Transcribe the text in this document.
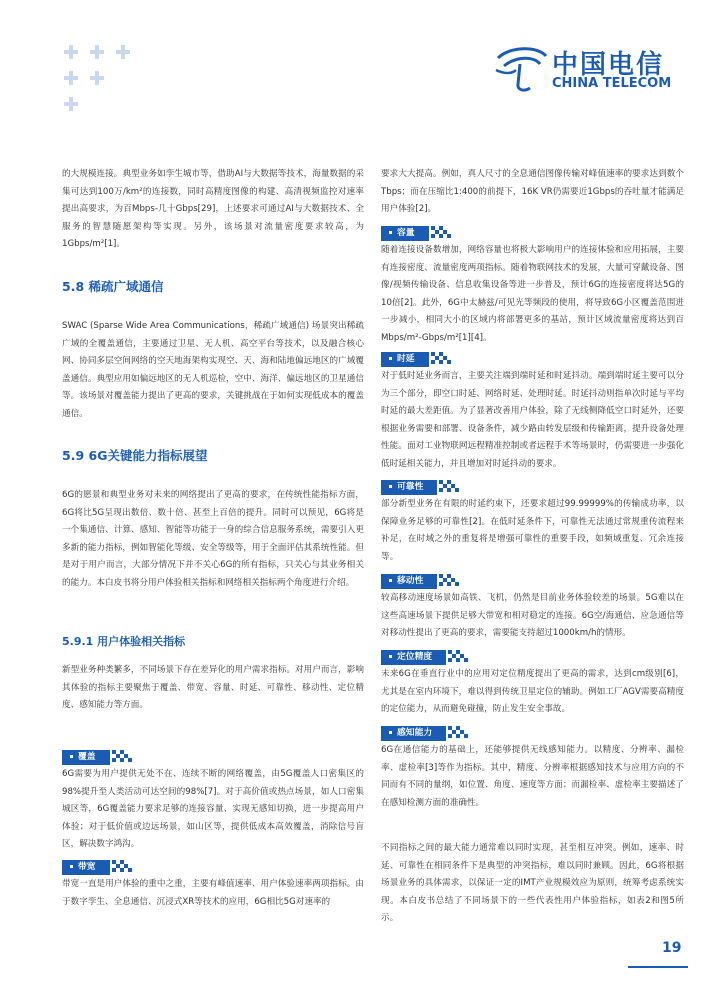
中国电信
CHINA TELECOM
的大规模连接。典型业务如孪生城市等，借助AI与大数据等技术，海量数据的采集可达到100万/km²的连接数，同时高精度图像的构建、高清视频监控对速率提出高要求，为百Mbps-几十Gbps[29]，上述要求可通过AI与大数据技术、全服务的智慧随愿架构等实现。另外，该场景对流量密度要求较高，为1Gbps/m²[1]。
5.8 稀疏广域通信
SWAC (Sparse Wide Area Communications，稀疏广域通信) 场景突出稀疏广域的全覆盖通信，主要通过卫星、无人机、高空平台等技术，以及融合核心网、协同多层空间网络的空天地海架构实现空、天、海和陆地偏远地区的广域覆盖通信。典型应用如偏远地区的无人机巡检，空中、海洋、偏远地区的卫星通信等。该场景对覆盖能力提出了更高的要求，关键挑战在于如何实现低成本的覆盖通信。
5.9 6G关键能力指标展望
6G的愿景和典型业务对未来的网络提出了更高的要求，在传统性能指标方面，6G将比5G呈现出数倍、数十倍、甚至上百倍的提升。同时可以预见，6G将是一个集通信、计算、感知、智能等功能于一身的综合信息服务系统，需要引入更多新的能力指标，例如智能化等级、安全等级等，用于全面评估其系统性能。但是对于用户而言，大部分情况下并不关心6G的所有指标，只关心与其业务相关的能力。本白皮书将分用户体验相关指标和网络相关指标两个角度进行介绍。
5.9.1 用户体验相关指标
新型业务种类繁多，不同场景下存在差异化的用户需求指标。对用户而言，影响其体验的指标主要聚焦于覆盖、带宽、容量、时延、可靠性、移动性、定位精度、感知能力等方面。
覆盖
6G需要为用户提供无处不在、连续不断的网络覆盖，由5G覆盖人口密集区的98%提升至人类活动可达空间的98%[7]。对于高价值或热点场景，如人口密集城区等，6G覆盖能力要求足够的连接容量、实现无感知切换，进一步提高用户体验；对于低价值或边远场景，如山区等，提供低成本高效覆盖，消除信号盲区，解决数字鸿沟。
带宽
带宽一直是用户体验的重中之重，主要有峰值速率、用户体验速率两项指标。由于数字孪生、全息通信、沉浸式XR等技术的应用，6G相比5G对速率的
要求大大提高。例如，真人尺寸的全息通信图像传输对峰值速率的要求达到数个Tbps；而在压缩比1:400的前提下，16K VR仍需要近1Gbps的吞吐量才能满足用户体验[2]。
容量
随着连接设备数增加，网络容量也将极大影响用户的连接体验和应用拓展，主要有连接密度、流量密度两项指标。随着物联网技术的发展，大量可穿戴设备、图像/视频传输设备、信息收集设备等进一步普及，预计6G的连接密度将达5G的10倍[2]。此外，6G中太赫兹/可见光等频段的使用，将导致6G小区覆盖范围进一步减小，相同大小的区域内将部署更多的基站，预计区域流量密度将达到百Mbps/m²-Gbps/m²[1][4]。
时延
对于低时延业务而言，主要关注端到端时延和时延抖动。端到端时延主要可以分为三个部分，即空口时延、网络时延、处理时延。时延抖动则指单次时延与平均时延的最大差距值。为了显著改善用户体验，除了无线侧降低空口时延外，还要根据业务需要和部署、设备条件，减少路由转发层级和传输距离，提升设备处理性能。面对工业物联网远程精准控制或者远程手术等场景时，仍需要进一步强化低时延相关能力，并且增加对时延抖动的要求。
可靠性
部分新型业务在有限的时延约束下，还要求超过99.99999%的传输成功率，以保障业务足够的可靠性[2]。在低时延条件下，可靠性无法通过常规重传流程来补足，在时域之外的重复将是增强可靠性的重要手段，如频域重复、冗余连接等。
移动性
较高移动速度场景如高铁、飞机，仍然是目前业务体验较差的场景。5G难以在这些高速场景下提供足够大带宽和相对稳定的连接。6G空/海通信、应急通信等对移动性提出了更高的要求，需要能支持超过1000km/h的情形。
定位精度
未来6G在垂直行业中的应用对定位精度提出了更高的需求，达到cm级别[6]，尤其是在室内环境下，难以得到传统卫星定位的辅助。例如工厂AGV需要高精度的定位能力，从而避免碰撞，防止发生安全事故。
感知能力
6G在通信能力的基础上，还能够提供无线感知能力。以精度、分辨率、漏检率、虚检率[3]等作为指标。其中，精度、分辨率根据感知技术与应用方向的不同而有不同的量纲，如位置、角度、速度等方面；而漏检率、虚检率主要描述了在感知检测方面的准确性。
不同指标之间的最大能力通常难以同时实现，甚至相互冲突。例如，速率、时延、可靠性在相同条件下是典型的冲突指标，难以同时兼顾。因此，6G将根据场景业务的具体需求，以保证一定的IMT产业规模效应为原则，统筹考虑系统实现。本白皮书总结了不同场景下的一些代表性用户体验指标，如表2和图5所示。
19
